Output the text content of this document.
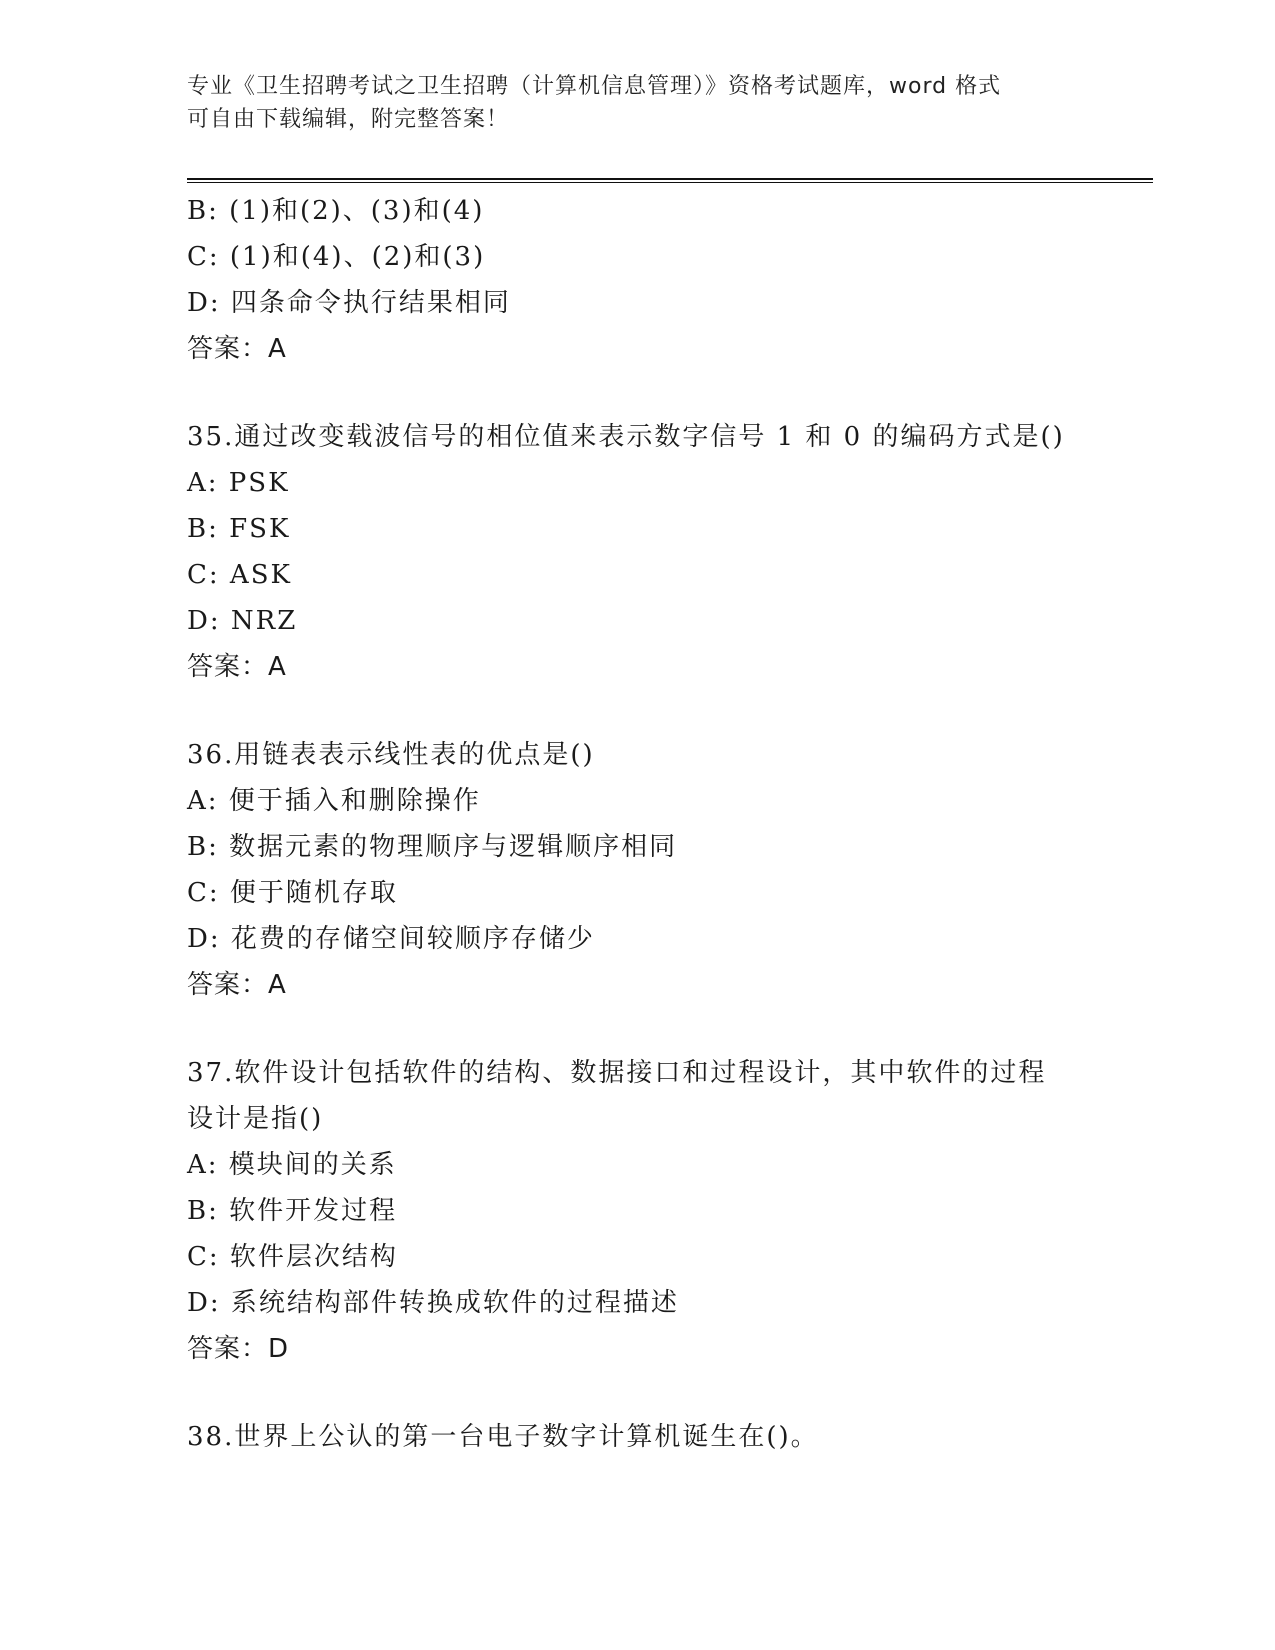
专业《卫生招聘考试之卫生招聘（计算机信息管理）》资格考试题库，word 格式
可自由下载编辑，附完整答案！
B: (1)和(2)、(3)和(4)
C: (1)和(4)、(2)和(3)
D: 四条命令执行结果相同
答案：A
35.通过改变载波信号的相位值来表示数字信号 1 和 0 的编码方式是()
A: PSK
B: FSK
C: ASK
D: NRZ
答案：A
36.用链表表示线性表的优点是()
A: 便于插入和删除操作
B: 数据元素的物理顺序与逻辑顺序相同
C: 便于随机存取
D: 花费的存储空间较顺序存储少
答案：A
37.软件设计包括软件的结构、数据接口和过程设计，其中软件的过程
设计是指()
A: 模块间的关系
B: 软件开发过程
C: 软件层次结构
D: 系统结构部件转换成软件的过程描述
答案：D
38.世界上公认的第一台电子数字计算机诞生在()。
